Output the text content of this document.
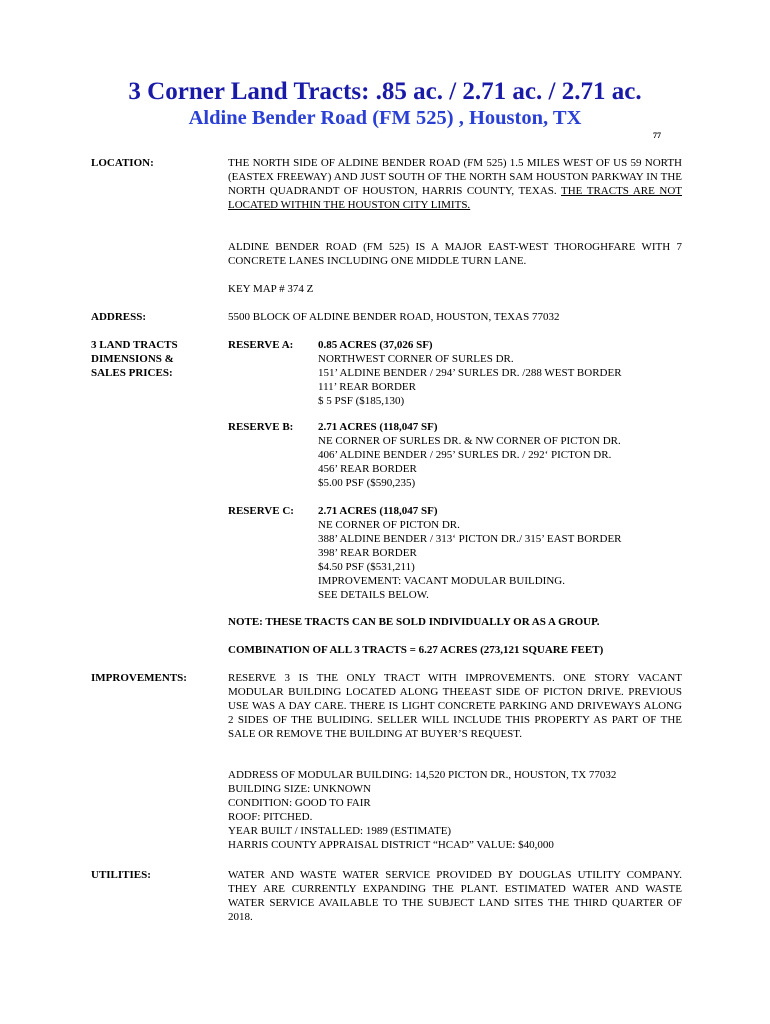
3 Corner Land Tracts: .85 ac. / 2.71 ac. / 2.71 ac.
Aldine Bender Road (FM 525) , Houston, TX
77

LOCATION:	THE NORTH SIDE OF ALDINE BENDER ROAD (FM 525) 1.5 MILES WEST OF US 59 NORTH (EASTEX FREEWAY) AND JUST SOUTH OF THE NORTH SAM HOUSTON PARKWAY IN THE NORTH QUADRANDT OF HOUSTON, HARRIS COUNTY, TEXAS. THE TRACTS ARE NOT LOCATED WITHIN THE HOUSTON CITY LIMITS.

ALDINE BENDER ROAD (FM 525) IS A MAJOR EAST-WEST THOROGHFARE WITH 7 CONCRETE LANES INCLUDING ONE MIDDLE TURN LANE.

KEY MAP # 374 Z

ADDRESS:	5500 BLOCK OF ALDINE BENDER ROAD, HOUSTON, TEXAS 77032

3 LAND TRACTS
DIMENSIONS &
SALES PRICES:

RESERVE A: 0.85 ACRES (37,026 SF)
NORTHWEST CORNER OF SURLES DR.
151’ ALDINE BENDER / 294’ SURLES DR. /288 WEST BORDER
111’ REAR BORDER
$ 5 PSF ($185,130)

RESERVE B: 2.71 ACRES (118,047 SF)
NE CORNER OF SURLES DR. & NW CORNER OF PICTON DR.
406’ ALDINE BENDER / 295’ SURLES DR. / 292‘ PICTON DR.
456’ REAR BORDER
$5.00 PSF ($590,235)

RESERVE C: 2.71 ACRES (118,047 SF)
NE CORNER OF PICTON DR.
388’ ALDINE BENDER / 313‘ PICTON DR./ 315’ EAST BORDER
398’ REAR BORDER
$4.50 PSF ($531,211)
IMPROVEMENT: VACANT MODULAR BUILDING.
SEE DETAILS BELOW.

NOTE: THESE TRACTS CAN BE SOLD INDIVIDUALLY OR AS A GROUP.

COMBINATION OF ALL 3 TRACTS = 6.27 ACRES (273,121 SQUARE FEET)

IMPROVEMENTS:	RESERVE 3 IS THE ONLY TRACT WITH IMPROVEMENTS. ONE STORY VACANT MODULAR BUILDING LOCATED ALONG THEEAST SIDE OF PICTON DRIVE. PREVIOUS USE WAS A DAY CARE. THERE IS LIGHT CONCRETE PARKING AND DRIVEWAYS ALONG 2 SIDES OF THE BULIDING. SELLER WILL INCLUDE THIS PROPERTY AS PART OF THE SALE OR REMOVE THE BUILDING AT BUYER’S REQUEST.

ADDRESS OF MODULAR BUILDING: 14,520 PICTON DR., HOUSTON, TX 77032
BUILDING SIZE: UNKNOWN
CONDITION: GOOD TO FAIR
ROOF: PITCHED.
YEAR BUILT / INSTALLED: 1989 (ESTIMATE)
HARRIS COUNTY APPRAISAL DISTRICT “HCAD” VALUE: $40,000

UTILITIES:	WATER AND WASTE WATER SERVICE PROVIDED BY DOUGLAS UTILITY COMPANY. THEY ARE CURRENTLY EXPANDING THE PLANT. ESTIMATED WATER AND WASTE WATER SERVICE AVAILABLE TO THE SUBJECT LAND SITES THE THIRD QUARTER OF 2018.
